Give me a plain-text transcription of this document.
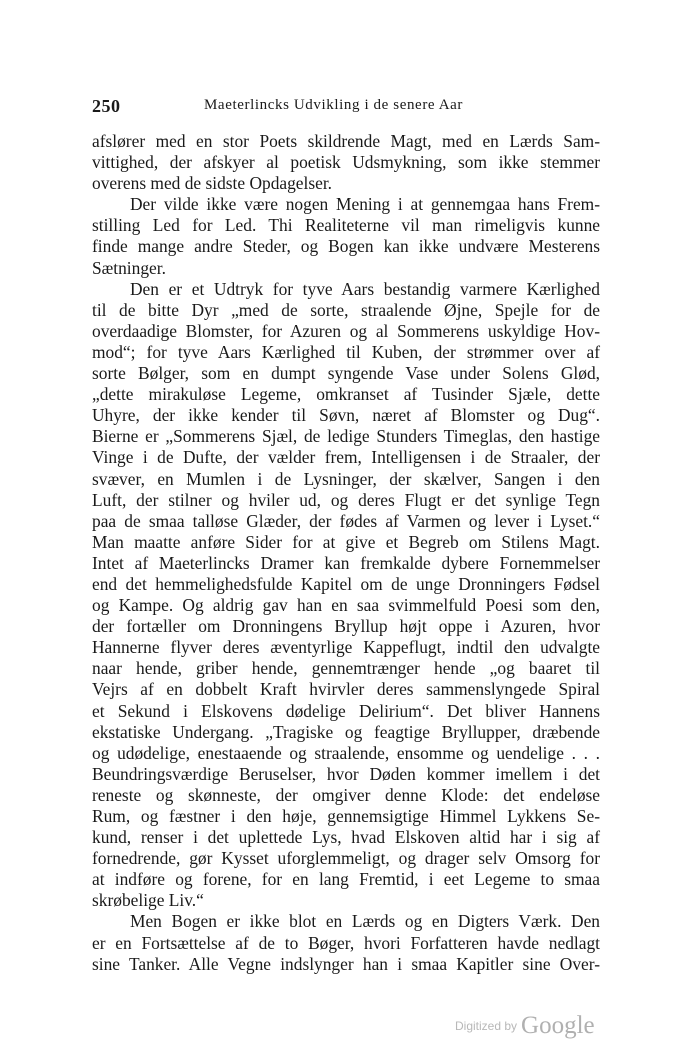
250	Maeterlincks Udvikling i de senere Aar
afslører med en stor Poets skildrende Magt, med en Lærds Sam-
vittighed, der afskyer al poetisk Udsmykning, som ikke stemmer
overens med de sidste Opdagelser.
Der vilde ikke være nogen Mening i at gennemgaa hans Frem-
stilling Led for Led. Thi Realiteterne vil man rimeligvis kunne
finde mange andre Steder, og Bogen kan ikke undvære Mesterens
Sætninger.
Den er et Udtryk for tyve Aars bestandig varmere Kærlighed
til de bitte Dyr „med de sorte, straalende Øjne, Spejle for de
overdaadige Blomster, for Azuren og al Sommerens uskyldige Hov-
mod“; for tyve Aars Kærlighed til Kuben, der strømmer over af
sorte Bølger, som en dumpt syngende Vase under Solens Glød,
„dette mirakuløse Legeme, omkranset af Tusinder Sjæle, dette
Uhyre, der ikke kender til Søvn, næret af Blomster og Dug“.
Bierne er „Sommerens Sjæl, de ledige Stunders Timeglas, den hastige
Vinge i de Dufte, der vælder frem, Intelligensen i de Straaler, der
svæver, en Mumlen i de Lysninger, der skælver, Sangen i den
Luft, der stilner og hviler ud, og deres Flugt er det synlige Tegn
paa de smaa talløse Glæder, der fødes af Varmen og lever i Lyset.“
Man maatte anføre Sider for at give et Begreb om Stilens Magt.
Intet af Maeterlincks Dramer kan fremkalde dybere Fornemmelser
end det hemmelighedsfulde Kapitel om de unge Dronningers Fødsel
og Kampe. Og aldrig gav han en saa svimmelfuld Poesi som den,
der fortæller om Dronningens Bryllup højt oppe i Azuren, hvor
Hannerne flyver deres æventyrlige Kappeflugt, indtil den udvalgte
naar hende, griber hende, gennemtrænger hende „og baaret til
Vejrs af en dobbelt Kraft hvirvler deres sammenslyngede Spiral
et Sekund i Elskovens dødelige Delirium“. Det bliver Hannens
ekstatiske Undergang. „Tragiske og feagtige Bryllupper, dræbende
og udødelige, enestaaende og straalende, ensomme og uendelige . . .
Beundringsværdige Beruselser, hvor Døden kommer imellem i det
reneste og skønneste, der omgiver denne Klode: det endeløse
Rum, og fæstner i den høje, gennemsigtige Himmel Lykkens Se-
kund, renser i det uplettede Lys, hvad Elskoven altid har i sig af
fornedrende, gør Kysset uforglemmeligt, og drager selv Omsorg for
at indføre og forene, for en lang Fremtid, i eet Legeme to smaa
skrøbelige Liv.“
Men Bogen er ikke blot en Lærds og en Digters Værk. Den
er en Fortsættelse af de to Bøger, hvori Forfatteren havde nedlagt
sine Tanker. Alle Vegne indslynger han i smaa Kapitler sine Over-
Digitized by Google
